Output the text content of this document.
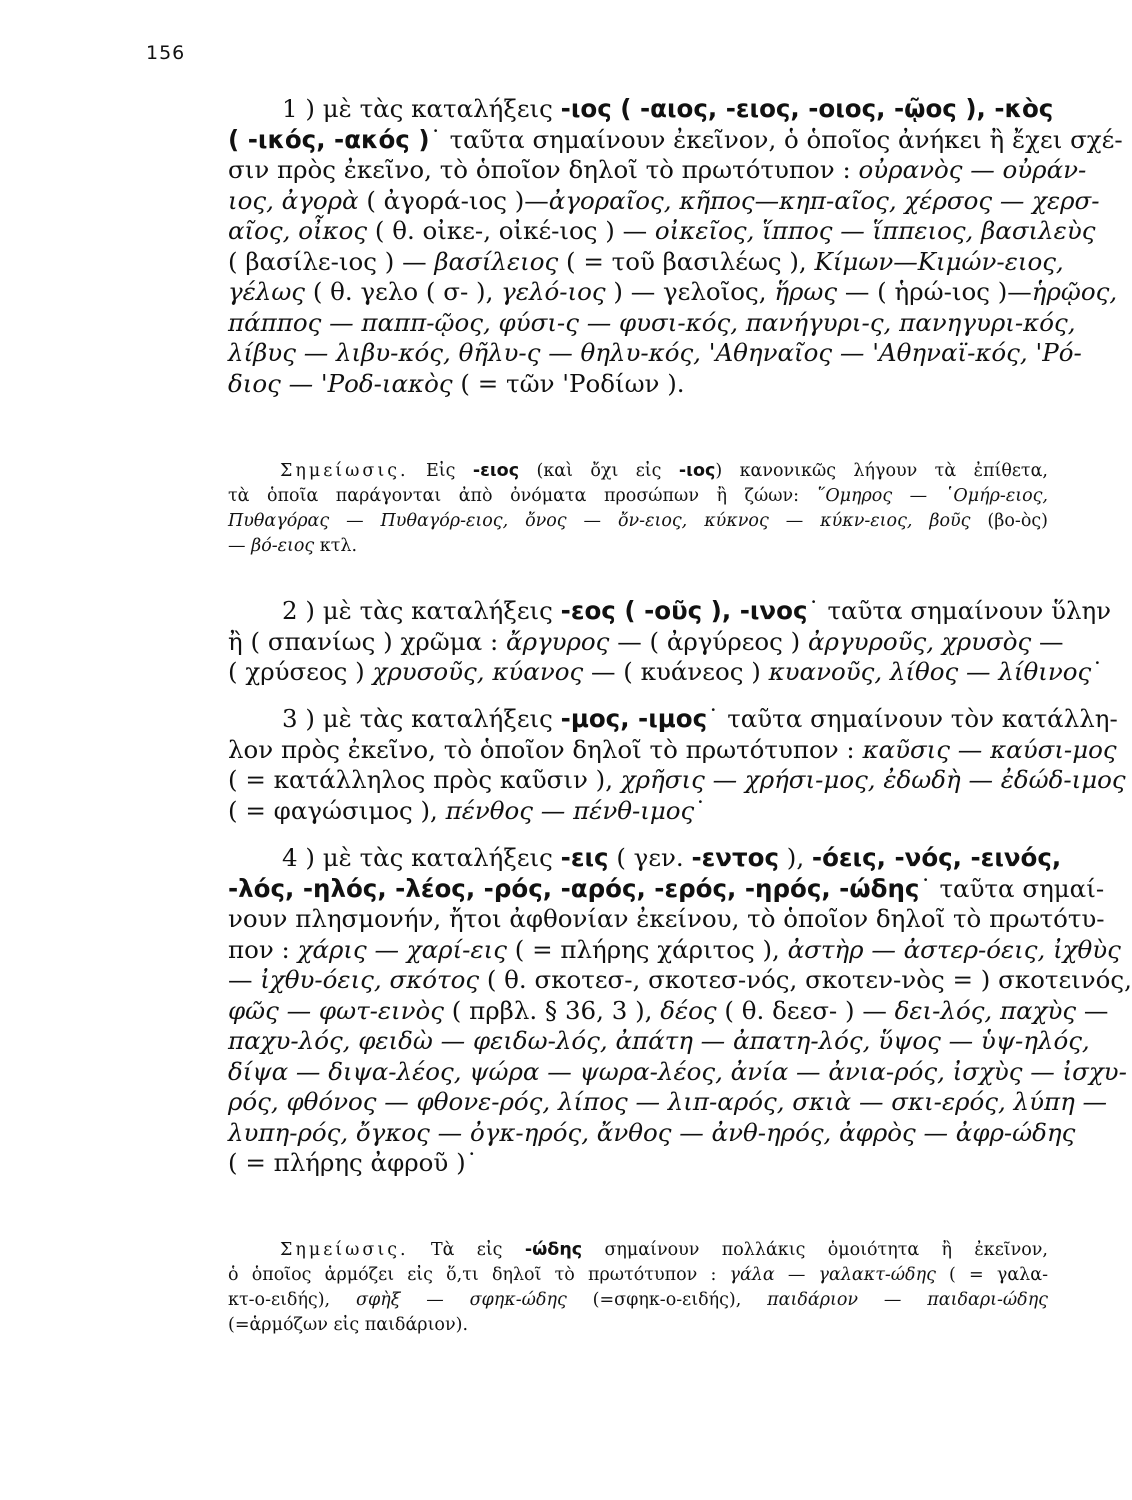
156
1 ) μὲ τὰς καταλήξεις -ιος ( -αιος, -ειος, -οιος, -ῷος ), -κὸς
( -ικός, -ακός )˙ ταῦτα σημαίνουν ἐκεῖνον, ὁ ὁποῖος ἀνήκει ἢ ἔχει σχέ-
σιν πρὸς ἐκεῖνο, τὸ ὁποῖον δηλοῖ τὸ πρωτότυπον : οὐρανὸς — οὐράν-
ιος, ἀγορὰ ( ἀγορά-ιος )—ἀγοραῖος, κῆπος—κηπ-αῖος, χέρσος — χερσ-
αῖος, οἶκος ( θ. οἰκε-, οἰκέ-ιος ) — οἰκεῖος, ἵππος — ἵππειος, βασιλεὺς
( βασίλε-ιος ) — βασίλειος ( = τοῦ βασιλέως ), Κίμων—Κιμών-ειος,
γέλως ( θ. γελο ( σ- ), γελό-ιος ) — γελοῖος, ἥρως — ( ἡρώ-ιος )—ἡρῷος,
πάππος — παππ-ῷος, φύσι-ς — φυσι-κός, πανήγυρι-ς, πανηγυρι-κός,
λίβυς — λιβυ-κός, θῆλυ-ς — θηλυ-κός, 'Αθηναῖος — 'Αθηναϊ-κός, 'Ρό-
διος — 'Ροδ-ιακὸς ( = τῶν 'Ροδίων ).
Σημείωσις. Εἰς -ειος (καὶ ὄχι εἰς -ιος) κανονικῶς λήγουν τὰ ἐπίθετα,
τὰ ὁποῖα παράγονται ἀπὸ ὀνόματα προσώπων ἢ ζώων: ῞Ομηρος — ῾Ομήρ-ειος,
Πυθαγόρας — Πυθαγόρ-ειος, ὄνος — ὄν-ειος, κύκνος — κύκν-ειος, βοῦς (βο-ὸς)
— βό-ειος κτλ.
2 ) μὲ τὰς καταλήξεις -εος ( -οῦς ), -ινος˙ ταῦτα σημαίνουν ὕλην
ἢ ( σπανίως ) χρῶμα : ἄργυρος — ( ἀργύρεος ) ἀργυροῦς, χρυσὸς —
( χρύσεος ) χρυσοῦς, κύανος — ( κυάνεος ) κυανοῦς, λίθος — λίθινος˙
3 ) μὲ τὰς καταλήξεις -μος, -ιμος˙ ταῦτα σημαίνουν τὸν κατάλλη-
λον πρὸς ἐκεῖνο, τὸ ὁποῖον δηλοῖ τὸ πρωτότυπον : καῦσις — καύσι-μος
( = κατάλληλος πρὸς καῦσιν ), χρῆσις — χρήσι-μος, ἐδωδὴ — ἐδώδ-ιμος
( = φαγώσιμος ), πένθος — πένθ-ιμος˙
4 ) μὲ τὰς καταλήξεις -εις ( γεν. -εντος ), -όεις, -νός, -εινός,
-λός, -ηλός, -λέος, -ρός, -αρός, -ερός, -ηρός, -ώδης˙ ταῦτα σημαί-
νουν πλησμονήν, ἤτοι ἀφθονίαν ἐκείνου, τὸ ὁποῖον δηλοῖ τὸ πρωτότυ-
πον : χάρις — χαρί-εις ( = πλήρης χάριτος ), ἀστὴρ — ἀστερ-όεις, ἰχθὺς
— ἰχθυ-όεις, σκότος ( θ. σκοτεσ-, σκοτεσ-νός, σκοτεν-νὸς = ) σκοτεινός,
φῶς — φωτ-εινὸς ( πρβλ. § 36, 3 ), δέος ( θ. δεεσ- ) — δει-λός, παχὺς —
παχυ-λός, φειδὼ — φειδω-λός, ἀπάτη — ἀπατη-λός, ὕψος — ὑψ-ηλός,
δίψα — διψα-λέος, ψώρα — ψωρα-λέος, ἀνία — ἀνια-ρός, ἰσχὺς — ἰσχυ-
ρός, φθόνος — φθονε-ρός, λίπος — λιπ-αρός, σκιὰ — σκι-ερός, λύπη —
λυπη-ρός, ὄγκος — ὀγκ-ηρός, ἄνθος — ἀνθ-ηρός, ἀφρὸς — ἀφρ-ώδης
( = πλήρης ἀφροῦ )˙
Σημείωσις. Τὰ εἰς -ώδης σημαίνουν πολλάκις ὁμοιότητα ἢ ἐκεῖνον,
ὁ ὁποῖος ἁρμόζει εἰς ὅ,τι δηλοῖ τὸ πρωτότυπον : γάλα — γαλακτ-ώδης ( = γαλα-
κτ-ο-ειδής), σφὴξ — σφηκ-ώδης (=σφηκ-ο-ειδής), παιδάριον — παιδαρι-ώδης
(=ἁρμόζων εἰς παιδάριον).
